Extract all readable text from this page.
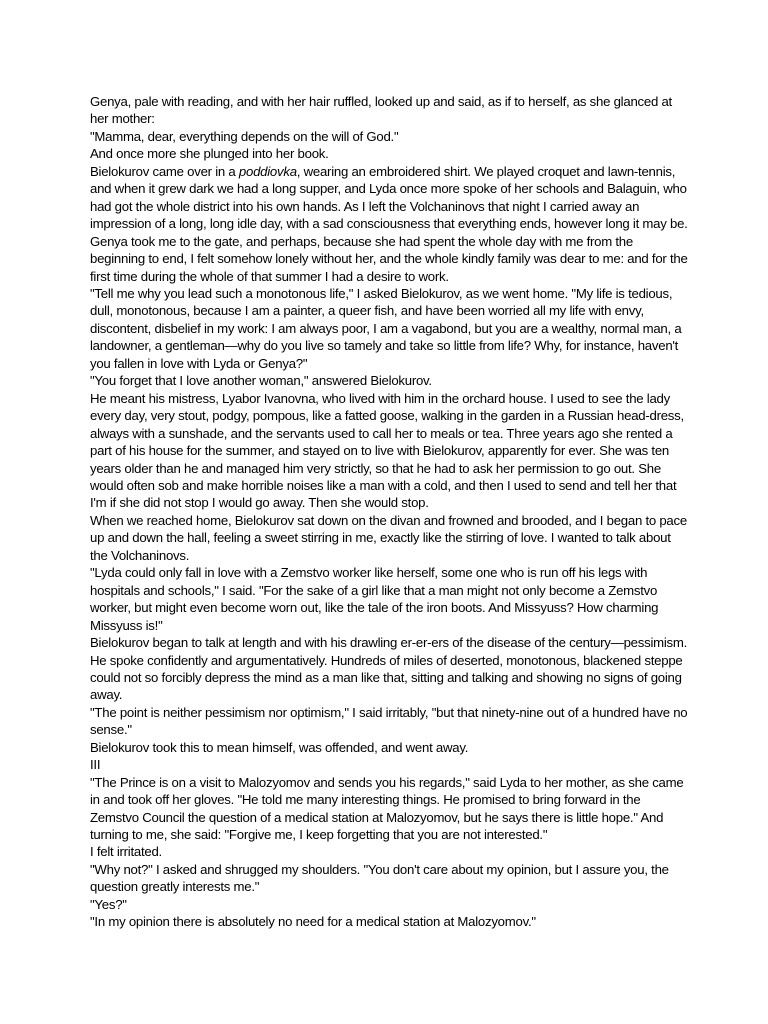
Genya, pale with reading, and with her hair ruffled, looked up and said, as if to herself, as she glanced at her mother:

"Mamma, dear, everything depends on the will of God."

And once more she plunged into her book.

Bielokurov came over in a poddiovka, wearing an embroidered shirt. We played croquet and lawn-tennis, and when it grew dark we had a long supper, and Lyda once more spoke of her schools and Balaguin, who had got the whole district into his own hands. As I left the Volchaninovs that night I carried away an impression of a long, long idle day, with a sad consciousness that everything ends, however long it may be. Genya took me to the gate, and perhaps, because she had spent the whole day with me from the beginning to end, I felt somehow lonely without her, and the whole kindly family was dear to me: and for the first time during the whole of that summer I had a desire to work.

"Tell me why you lead such a monotonous life," I asked Bielokurov, as we went home. "My life is tedious, dull, monotonous, because I am a painter, a queer fish, and have been worried all my life with envy, discontent, disbelief in my work: I am always poor, I am a vagabond, but you are a wealthy, normal man, a landowner, a gentleman—why do you live so tamely and take so little from life? Why, for instance, haven't you fallen in love with Lyda or Genya?"

"You forget that I love another woman," answered Bielokurov.

He meant his mistress, Lyabor Ivanovna, who lived with him in the orchard house. I used to see the lady every day, very stout, podgy, pompous, like a fatted goose, walking in the garden in a Russian head-dress, always with a sunshade, and the servants used to call her to meals or tea. Three years ago she rented a part of his house for the summer, and stayed on to live with Bielokurov, apparently for ever. She was ten years older than he and managed him very strictly, so that he had to ask her permission to go out. She would often sob and make horrible noises like a man with a cold, and then I used to send and tell her that I'm if she did not stop I would go away. Then she would stop.

When we reached home, Bielokurov sat down on the divan and frowned and brooded, and I began to pace up and down the hall, feeling a sweet stirring in me, exactly like the stirring of love. I wanted to talk about the Volchaninovs.

"Lyda could only fall in love with a Zemstvo worker like herself, some one who is run off his legs with hospitals and schools," I said. "For the sake of a girl like that a man might not only become a Zemstvo worker, but might even become worn out, like the tale of the iron boots. And Missyuss? How charming Missyuss is!"

Bielokurov began to talk at length and with his drawling er-er-ers of the disease of the century—pessimism. He spoke confidently and argumentatively. Hundreds of miles of deserted, monotonous, blackened steppe could not so forcibly depress the mind as a man like that, sitting and talking and showing no signs of going away.

"The point is neither pessimism nor optimism," I said irritably, "but that ninety-nine out of a hundred have no sense."

Bielokurov took this to mean himself, was offended, and went away.

III

"The Prince is on a visit to Malozyomov and sends you his regards," said Lyda to her mother, as she came in and took off her gloves. "He told me many interesting things. He promised to bring forward in the Zemstvo Council the question of a medical station at Malozyomov, but he says there is little hope." And turning to me, she said: "Forgive me, I keep forgetting that you are not interested."

I felt irritated.

"Why not?" I asked and shrugged my shoulders. "You don't care about my opinion, but I assure you, the question greatly interests me."

"Yes?"

"In my opinion there is absolutely no need for a medical station at Malozyomov."
